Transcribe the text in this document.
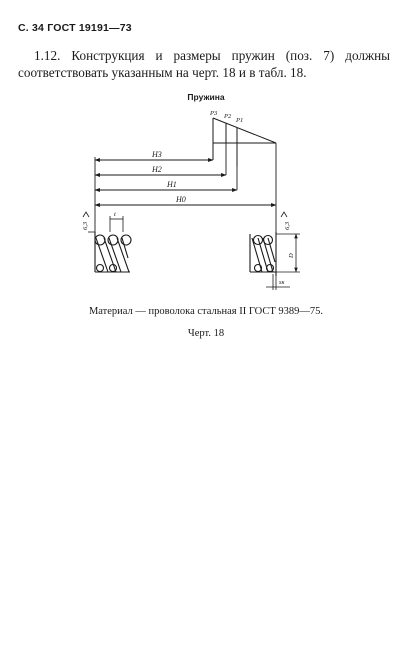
С. 34 ГОСТ 19191—73
1.12. Конструкция и размеры пружин (поз. 7) должны соответствовать указанным на черт. 18 и в табл. 18.
Пружина
P3 P2
P1
H3
H2
H1
H0
t
6,3	6,3
D
sк
Материал — проволока стальная II ГОСТ 9389—75.
Черт. 18
